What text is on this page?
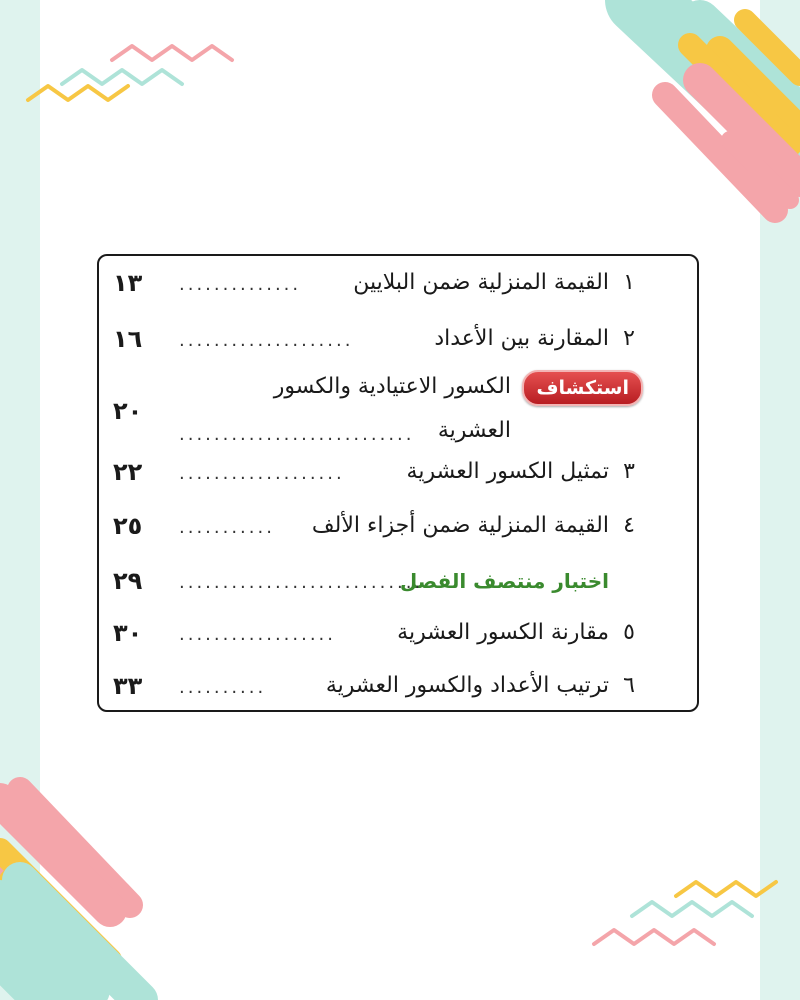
١
القيمة المنزلية ضمن البلايين
..............
١٣
٢
المقارنة بين الأعداد
....................
١٦
استكشاف
الكسور الاعتيادية والكسور
العشرية
...........................
٢٠
٣
تمثيل الكسور العشرية
...................
٢٢
٤
القيمة المنزلية ضمن أجزاء الألف
...........
٢٥
اختبار منتصف الفصل
............................
٢٩
٥
مقارنة الكسور العشرية
..................
٣٠
٦
ترتيب الأعداد والكسور العشرية
..........
٣٣
